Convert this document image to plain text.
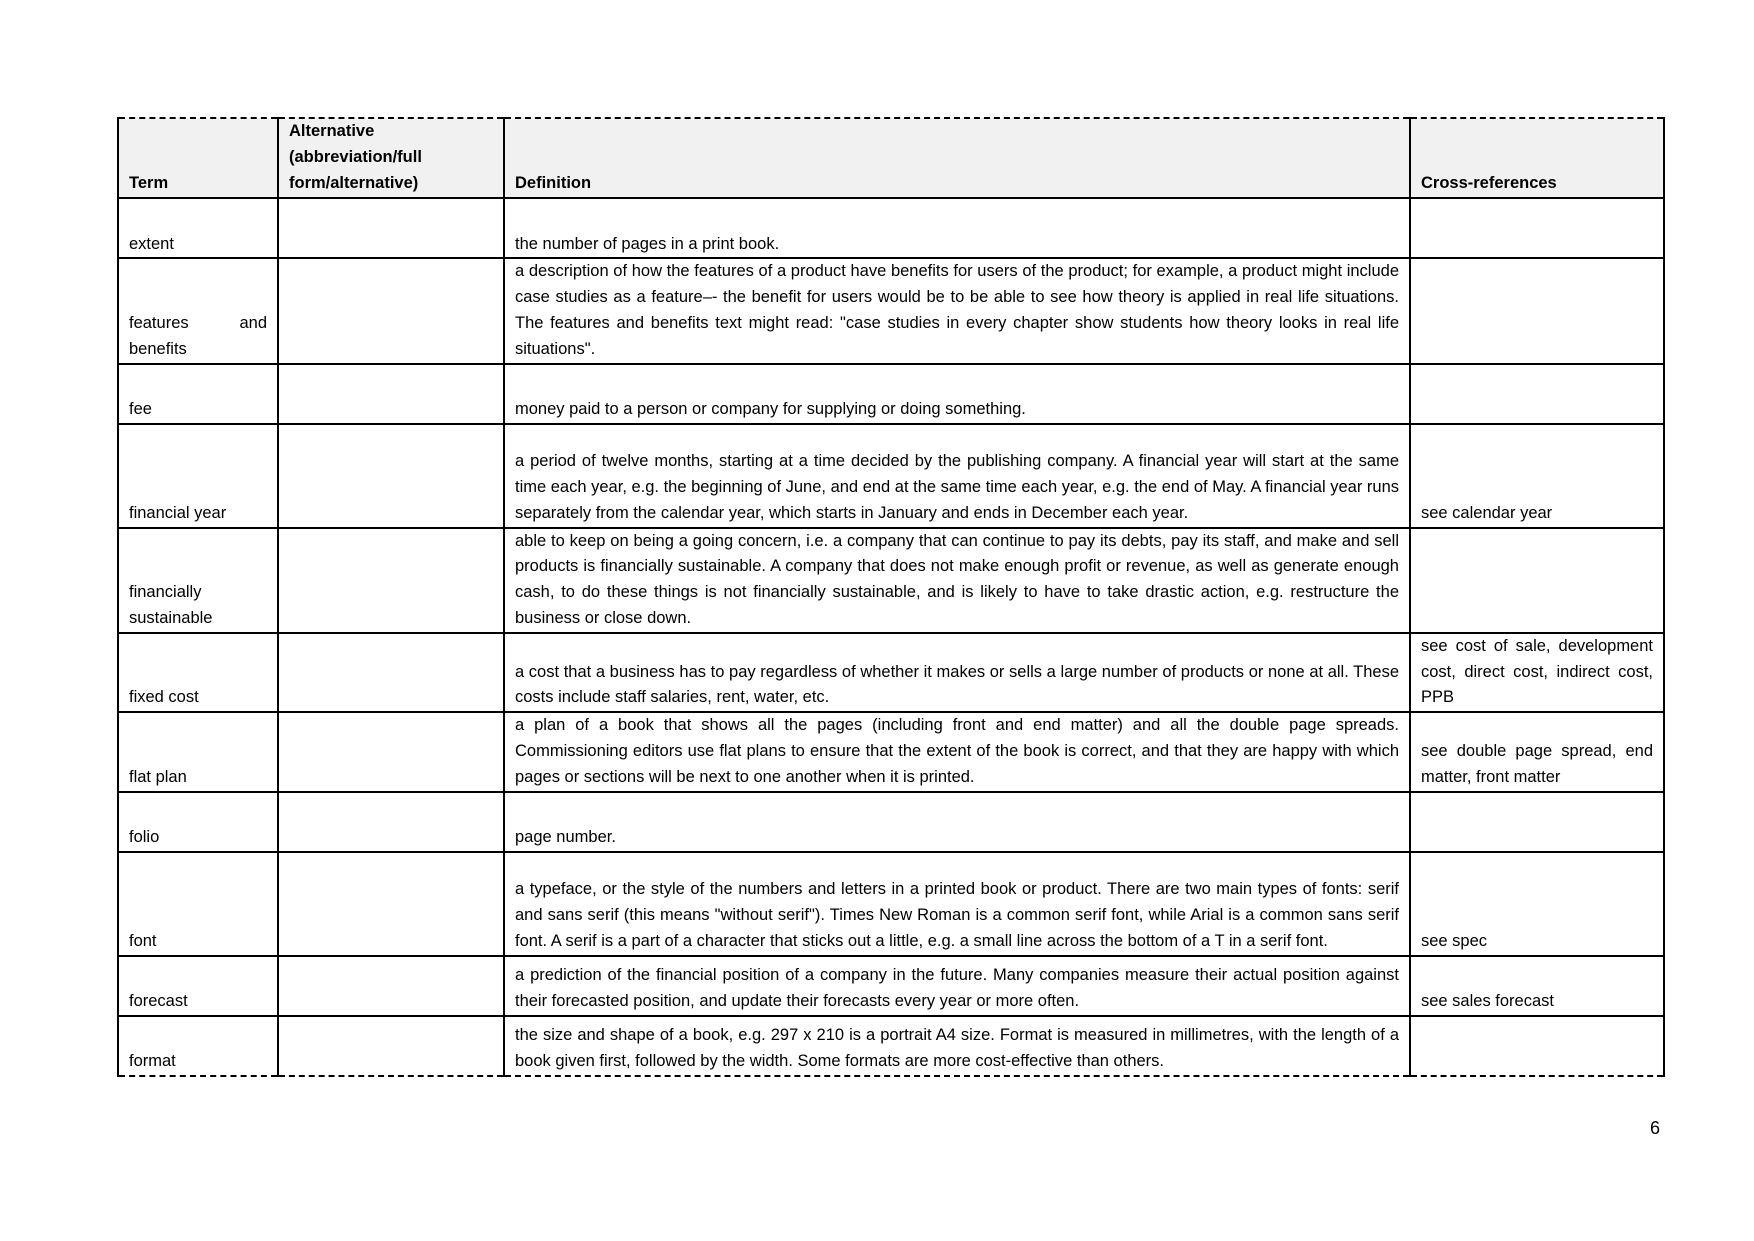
Term	Alternative (abbreviation/full form/alternative)	Definition	Cross-references
extent		the number of pages in a print book.	
features and benefits		a description of how the features of a product have benefits for users of the product; for example, a product might include case studies as a feature–- the benefit for users would be to be able to see how theory is applied in real life situations. The features and benefits text might read: "case studies in every chapter show students how theory looks in real life situations".	
fee		money paid to a person or company for supplying or doing something.	
financial year		a period of twelve months, starting at a time decided by the publishing company. A financial year will start at the same time each year, e.g. the beginning of June, and end at the same time each year, e.g. the end of May. A financial year runs separately from the calendar year, which starts in January and ends in December each year.	see calendar year
financially sustainable		able to keep on being a going concern, i.e. a company that can continue to pay its debts, pay its staff, and make and sell products is financially sustainable. A company that does not make enough profit or revenue, as well as generate enough cash, to do these things is not financially sustainable, and is likely to have to take drastic action, e.g. restructure the business or close down.	
fixed cost		a cost that a business has to pay regardless of whether it makes or sells a large number of products or none at all. These costs include staff salaries, rent, water, etc.	see cost of sale, development cost, direct cost, indirect cost, PPB
flat plan		a plan of a book that shows all the pages (including front and end matter) and all the double page spreads. Commissioning editors use flat plans to ensure that the extent of the book is correct, and that they are happy with which pages or sections will be next to one another when it is printed.	see double page spread, end matter, front matter
folio		page number.	
font		a typeface, or the style of the numbers and letters in a printed book or product. There are two main types of fonts: serif and sans serif (this means "without serif"). Times New Roman is a common serif font, while Arial is a common sans serif font. A serif is a part of a character that sticks out a little, e.g. a small line across the bottom of a T in a serif font.	see spec
forecast		a prediction of the financial position of a company in the future. Many companies measure their actual position against their forecasted position, and update their forecasts every year or more often.	see sales forecast
format		the size and shape of a book, e.g. 297 x 210 is a portrait A4 size. Format is measured in millimetres, with the length of a book given first, followed by the width. Some formats are more cost-effective than others.	
6
